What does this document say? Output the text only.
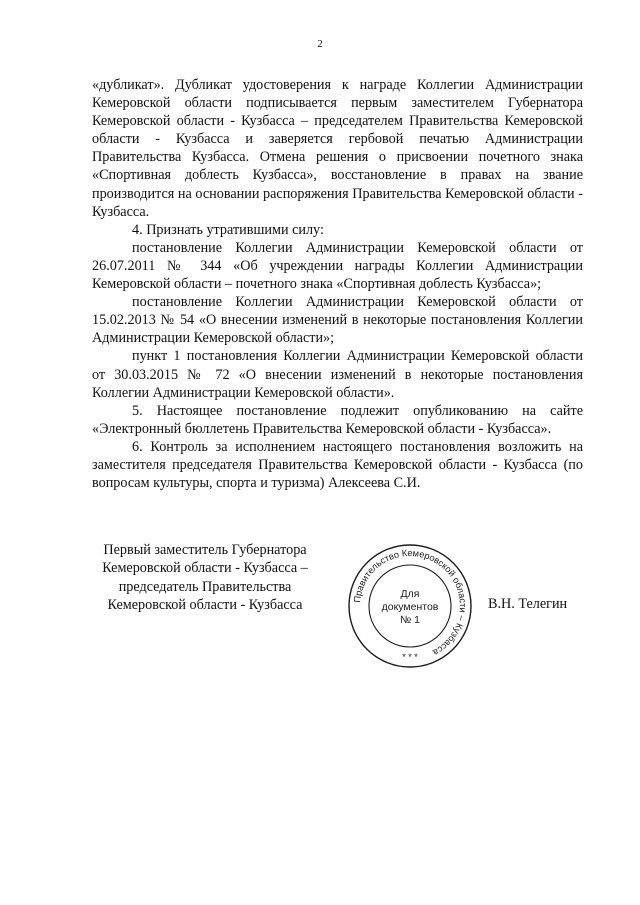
2

«дубликат». Дубликат удостоверения к награде Коллегии Администрации Кемеровской области подписывается первым заместителем Губернатора Кемеровской области - Кузбасса – председателем Правительства Кемеровской области - Кузбасса и заверяется гербовой печатью Администрации Правительства Кузбасса. Отмена решения о присвоении почетного знака «Спортивная доблесть Кузбасса», восстановление в правах на звание производится на основании распоряжения Правительства Кемеровской области - Кузбасса.

4. Признать утратившими силу:

постановление Коллегии Администрации Кемеровской области от 26.07.2011 № 344 «Об учреждении награды Коллегии Администрации Кемеровской области – почетного знака «Спортивная доблесть Кузбасса»;

постановление Коллегии Администрации Кемеровской области от 15.02.2013 № 54 «О внесении изменений в некоторые постановления Коллегии Администрации Кемеровской области»;

пункт 1 постановления Коллегии Администрации Кемеровской области от 30.03.2015 № 72 «О внесении изменений в некоторые постановления Коллегии Администрации Кемеровской области».

5. Настоящее постановление подлежит опубликованию на сайте «Электронный бюллетень Правительства Кемеровской области - Кузбасса».

6. Контроль за исполнением настоящего постановления возложить на заместителя председателя Правительства Кемеровской области - Кузбасса (по вопросам культуры, спорта и туризма) Алексеева С.И.

Первый заместитель Губернатора
Кемеровской области - Кузбасса –
председатель Правительства
Кемеровской области - Кузбасса	Правительство Кемеровской области – Кузбасса
* * *
Для
документов
№ 1
В.Н. Телегин
